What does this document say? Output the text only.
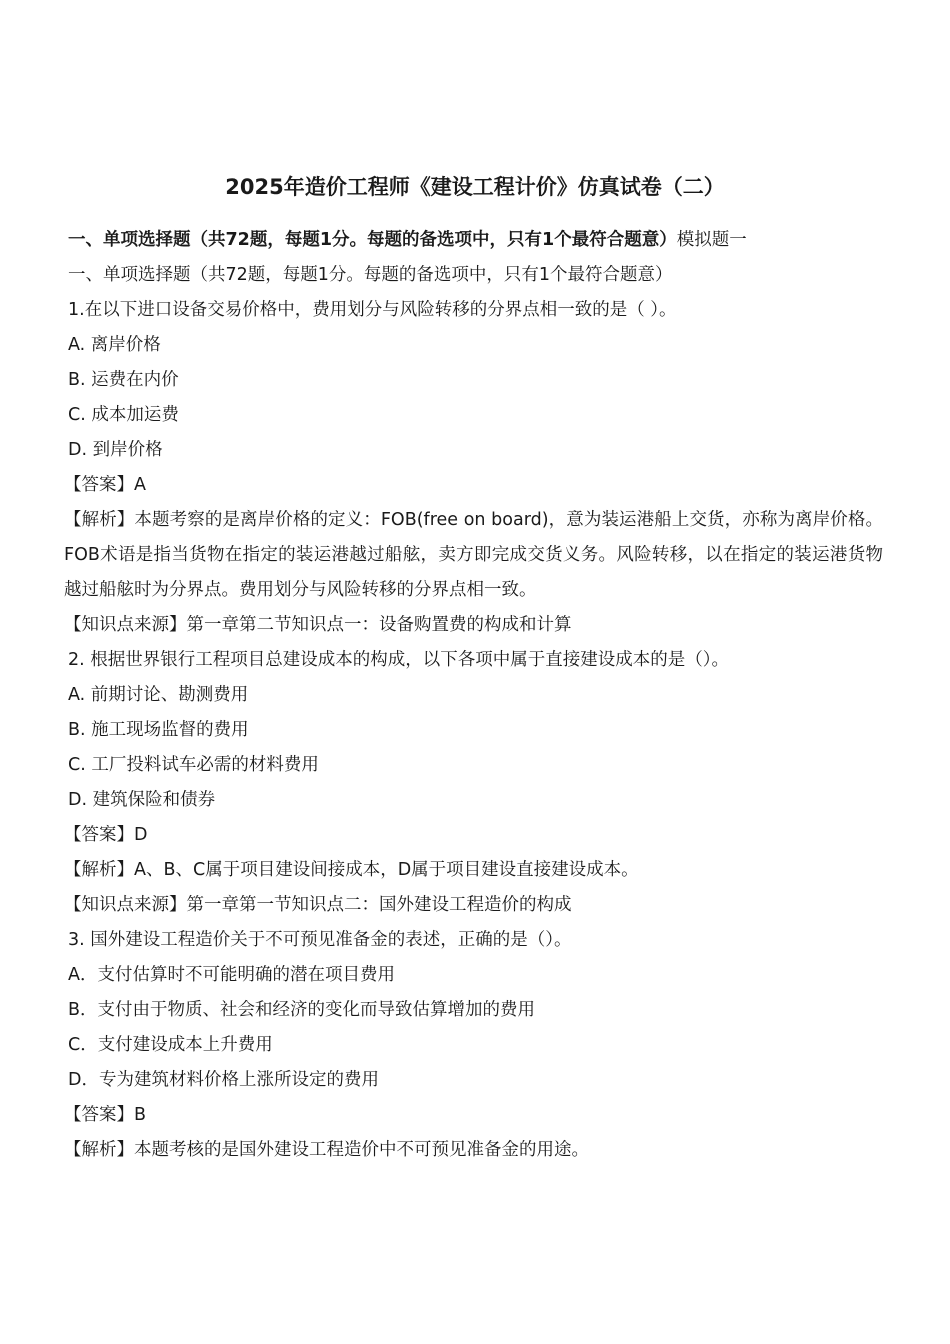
2025年造价工程师《建设工程计价》仿真试卷（二）

一、单项选择题（共72题，每题1分。每题的备选项中，只有1个最符合题意）模拟题一

一、单项选择题（共72题，每题1分。每题的备选项中，只有1个最符合题意）

1.在以下进口设备交易价格中，费用划分与风险转移的分界点相一致的是（ ）。

A. 离岸价格

B. 运费在内价

C. 成本加运费

D. 到岸价格

【答案】A

【解析】本题考察的是离岸价格的定义：FOB(free on board)，意为装运港船上交货，亦称为离岸价格。FOB术语是指当货物在指定的装运港越过船舷，卖方即完成交货义务。风险转移，以在指定的装运港货物越过船舷时为分界点。费用划分与风险转移的分界点相一致。

【知识点来源】第一章第二节知识点一：设备购置费的构成和计算

2. 根据世界银行工程项目总建设成本的构成，以下各项中属于直接建设成本的是（）。

A. 前期讨论、勘测费用

B. 施工现场监督的费用

C. 工厂投料试车必需的材料费用

D. 建筑保险和债券

【答案】D

【解析】A、B、C属于项目建设间接成本，D属于项目建设直接建设成本。

【知识点来源】第一章第一节知识点二：国外建设工程造价的构成

3. 国外建设工程造价关于不可预见准备金的表述，正确的是（）。

A．支付估算时不可能明确的潜在项目费用

B．支付由于物质、社会和经济的变化而导致估算增加的费用

C．支付建设成本上升费用

D．专为建筑材料价格上涨所设定的费用

【答案】B

【解析】本题考核的是国外建设工程造价中不可预见准备金的用途。
